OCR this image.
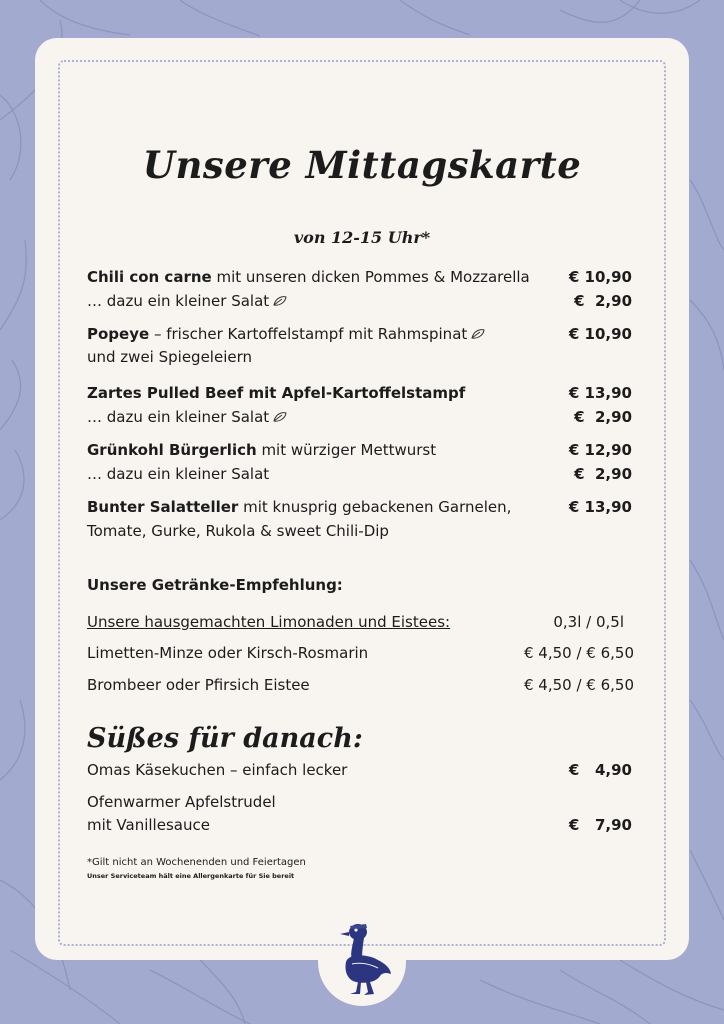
Unsere Mittagskarte
von 12-15 Uhr*
Chili con carne mit unseren dicken Pommes & Mozzarella	€ 10,90
… dazu ein kleiner Salat	€  2,90
Popeye – frischer Kartoffelstampf mit Rahmspinat
und zwei Spiegeleiern
€ 10,90
Zartes Pulled Beef mit Apfel-Kartoffelstampf	€ 13,90
… dazu ein kleiner Salat	€  2,90
Grünkohl Bürgerlich mit würziger Mettwurst	€ 12,90
… dazu ein kleiner Salat	€  2,90
Bunter Salatteller mit knusprig gebackenen Garnelen,
Tomate, Gurke, Rukola & sweet Chili-Dip
€ 13,90
Unsere Getränke-Empfehlung:
Unsere hausgemachten Limonaden und Eistees:	0,3l / 0,5l
Limetten-Minze oder Kirsch-Rosmarin	€ 4,50 / € 6,50
Brombeer oder Pfirsich Eistee	€ 4,50 / € 6,50
Süßes für danach:
Omas Käsekuchen – einfach lecker	€   4,90
Ofenwarmer Apfelstrudel
mit Vanillesauce	€   7,90
*Gilt nicht an Wochenenden und Feiertagen
Unser Serviceteam hält eine Allergenkarte für Sie bereit
